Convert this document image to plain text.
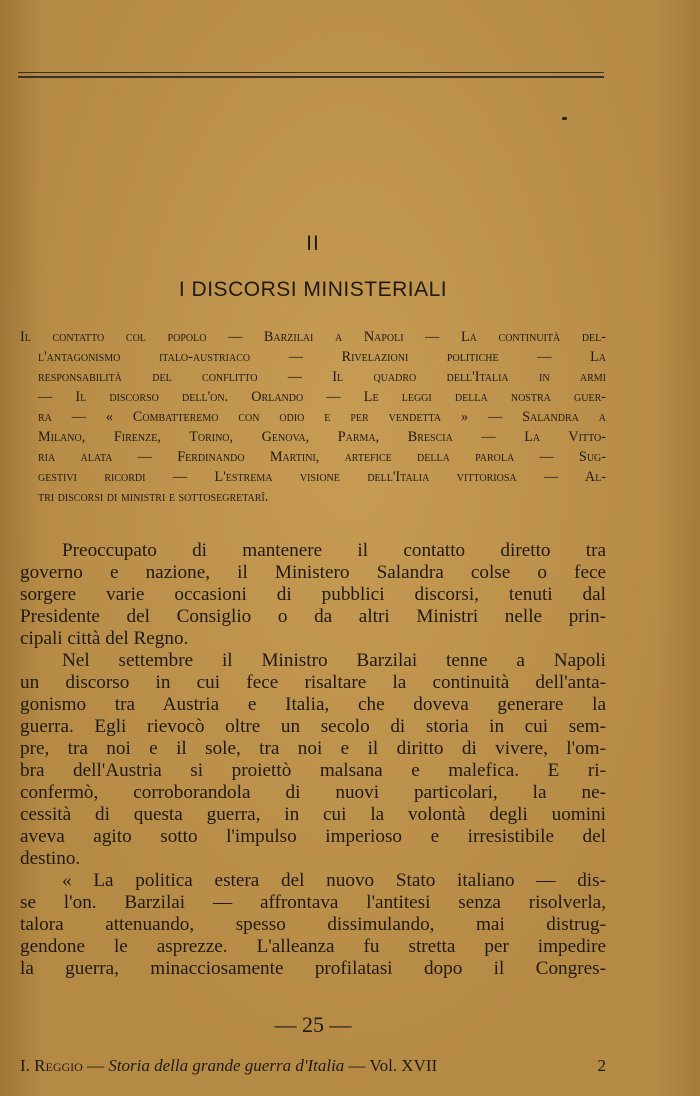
II
I DISCORSI MINISTERIALI
Il contatto col popolo — Barzilai a Napoli — La continuità del-
l'antagonismo italo-austriaco — Rivelazioni politiche — La
responsabilità del conflitto — Il quadro dell'Italia in armi
— Il discorso dell'on. Orlando — Le leggi della nostra guer-
ra — « Combatteremo con odio e per vendetta » — Salandra a
Milano, Firenze, Torino, Genova, Parma, Brescia — La Vitto-
ria alata — Ferdinando Martini, artefice della parola — Sug-
gestivi ricordi — L'estrema visione dell'Italia vittoriosa — Al-
tri discorsi di ministri e sottosegretarî.
Preoccupato di mantenere il contatto diretto tra
governo e nazione, il Ministero Salandra colse o fece
sorgere varie occasioni di pubblici discorsi, tenuti dal
Presidente del Consiglio o da altri Ministri nelle prin-
cipali città del Regno.
Nel settembre il Ministro Barzilai tenne a Napoli
un discorso in cui fece risaltare la continuità dell'anta-
gonismo tra Austria e Italia, che doveva generare la
guerra. Egli rievocò oltre un secolo di storia in cui sem-
pre, tra noi e il sole, tra noi e il diritto di vivere, l'om-
bra dell'Austria si proiettò malsana e malefica. E ri-
confermò, corroborandola di nuovi particolari, la ne-
cessità di questa guerra, in cui la volontà degli uomini
aveva agito sotto l'impulso imperioso e irresistibile del
destino.
« La politica estera del nuovo Stato italiano — dis-
se l'on. Barzilai — affrontava l'antitesi senza risolverla,
talora attenuando, spesso dissimulando, mai distrug-
gendone le asprezze. L'alleanza fu stretta per impedire
la guerra, minacciosamente profilatasi dopo il Congres-
— 25 —
I. Reggio — Storia della grande guerra d'Italia — Vol. XVII	2
